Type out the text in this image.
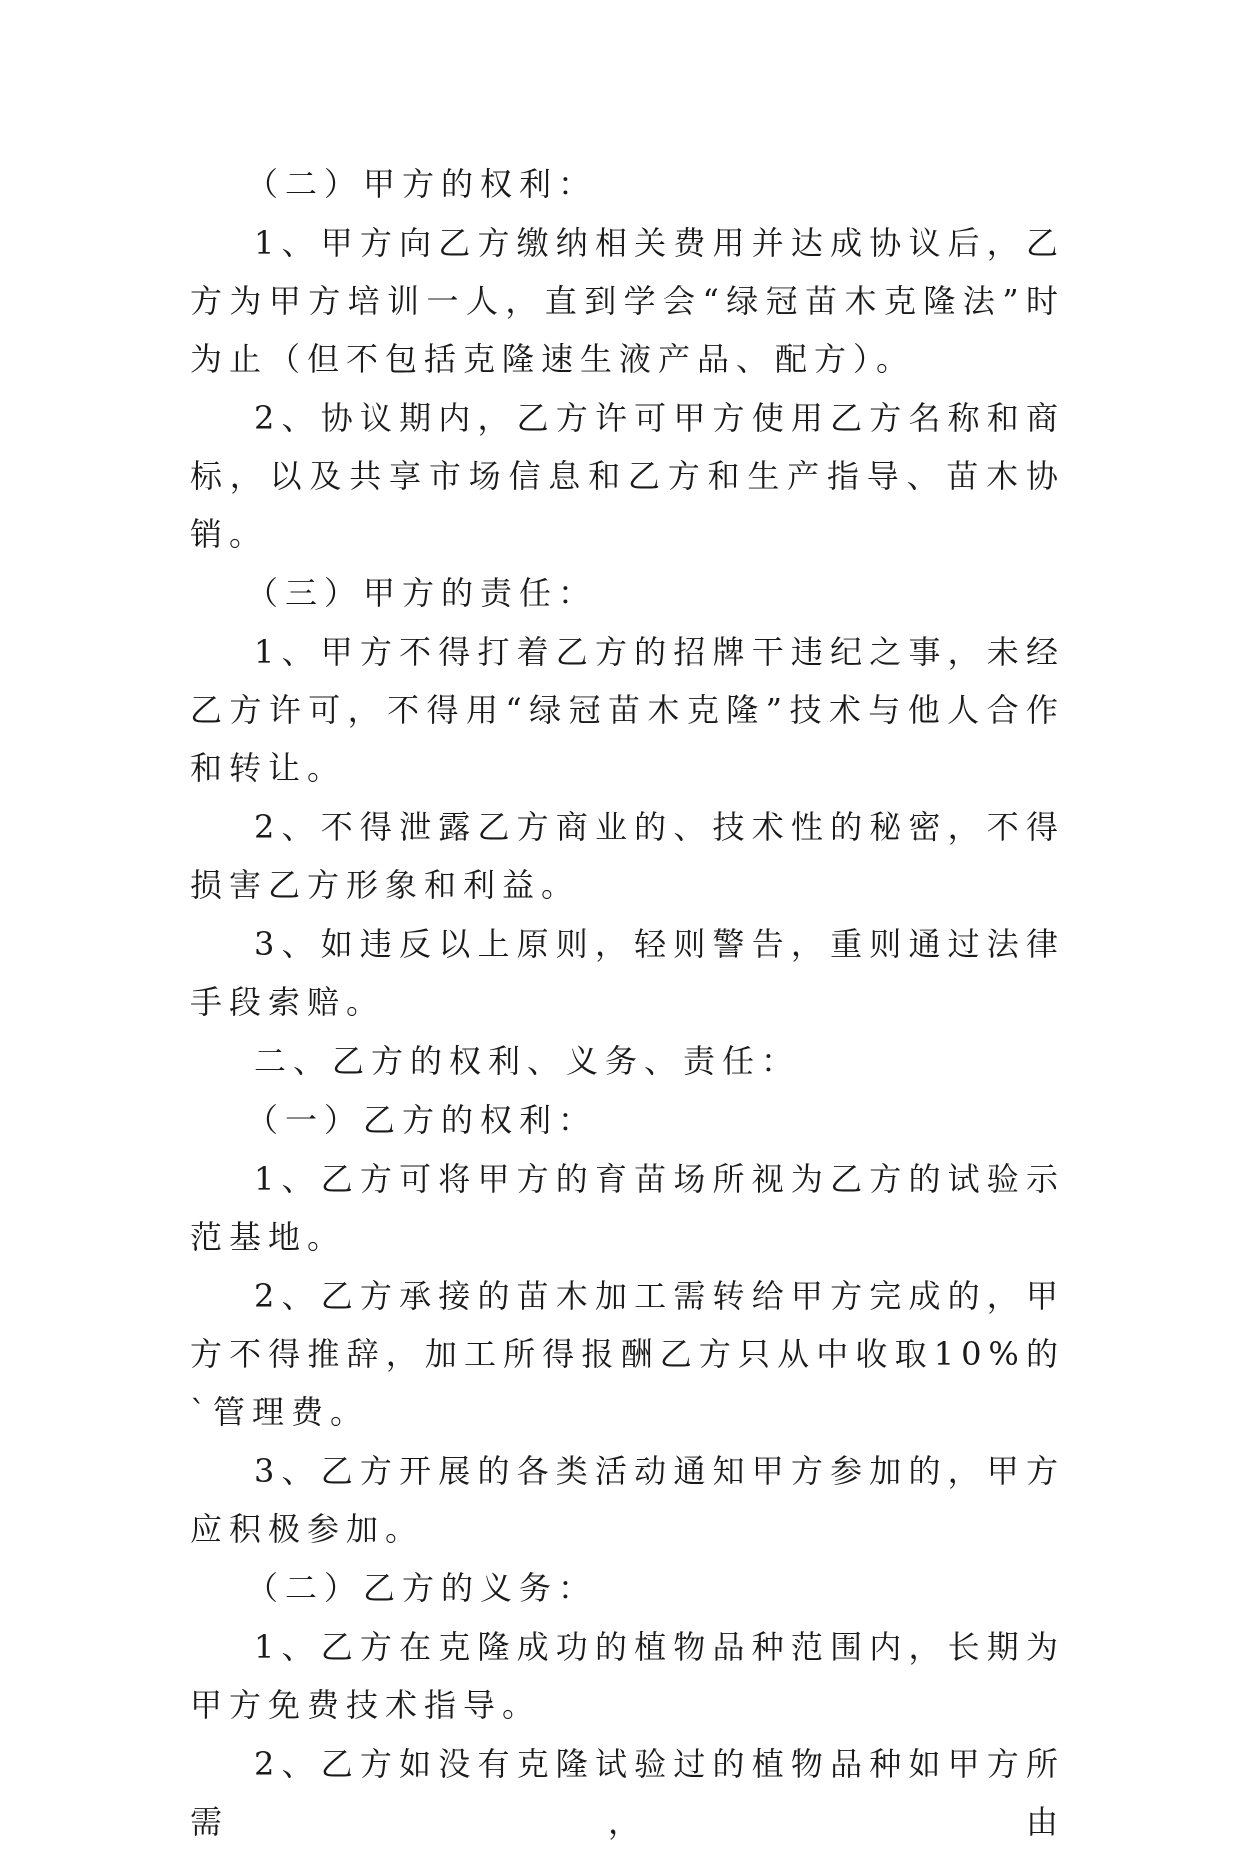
（二）甲方的权利：

1、甲方向乙方缴纳相关费用并达成协议后，乙方为甲方培训一人，直到学会“绿冠苗木克隆法”时为止（但不包括克隆速生液产品、配方）。

2、协议期内，乙方许可甲方使用乙方名称和商标，以及共享市场信息和乙方和生产指导、苗木协销。

（三）甲方的责任：

1、甲方不得打着乙方的招牌干违纪之事，未经乙方许可，不得用“绿冠苗木克隆”技术与他人合作和转让。

2、不得泄露乙方商业的、技术性的秘密，不得损害乙方形象和利益。

3、如违反以上原则，轻则警告，重则通过法律手段索赔。

二、乙方的权利、义务、责任：

（一）乙方的权利：

1、乙方可将甲方的育苗场所视为乙方的试验示范基地。

2、乙方承接的苗木加工需转给甲方完成的，甲方不得推辞，加工所得报酬乙方只从中收取10%的`管理费。

3、乙方开展的各类活动通知甲方参加的，甲方应积极参加。

（二）乙方的义务：

1、乙方在克隆成功的植物品种范围内，长期为甲方免费技术指导。

2、乙方如没有克隆试验过的植物品种如甲方所需，由
